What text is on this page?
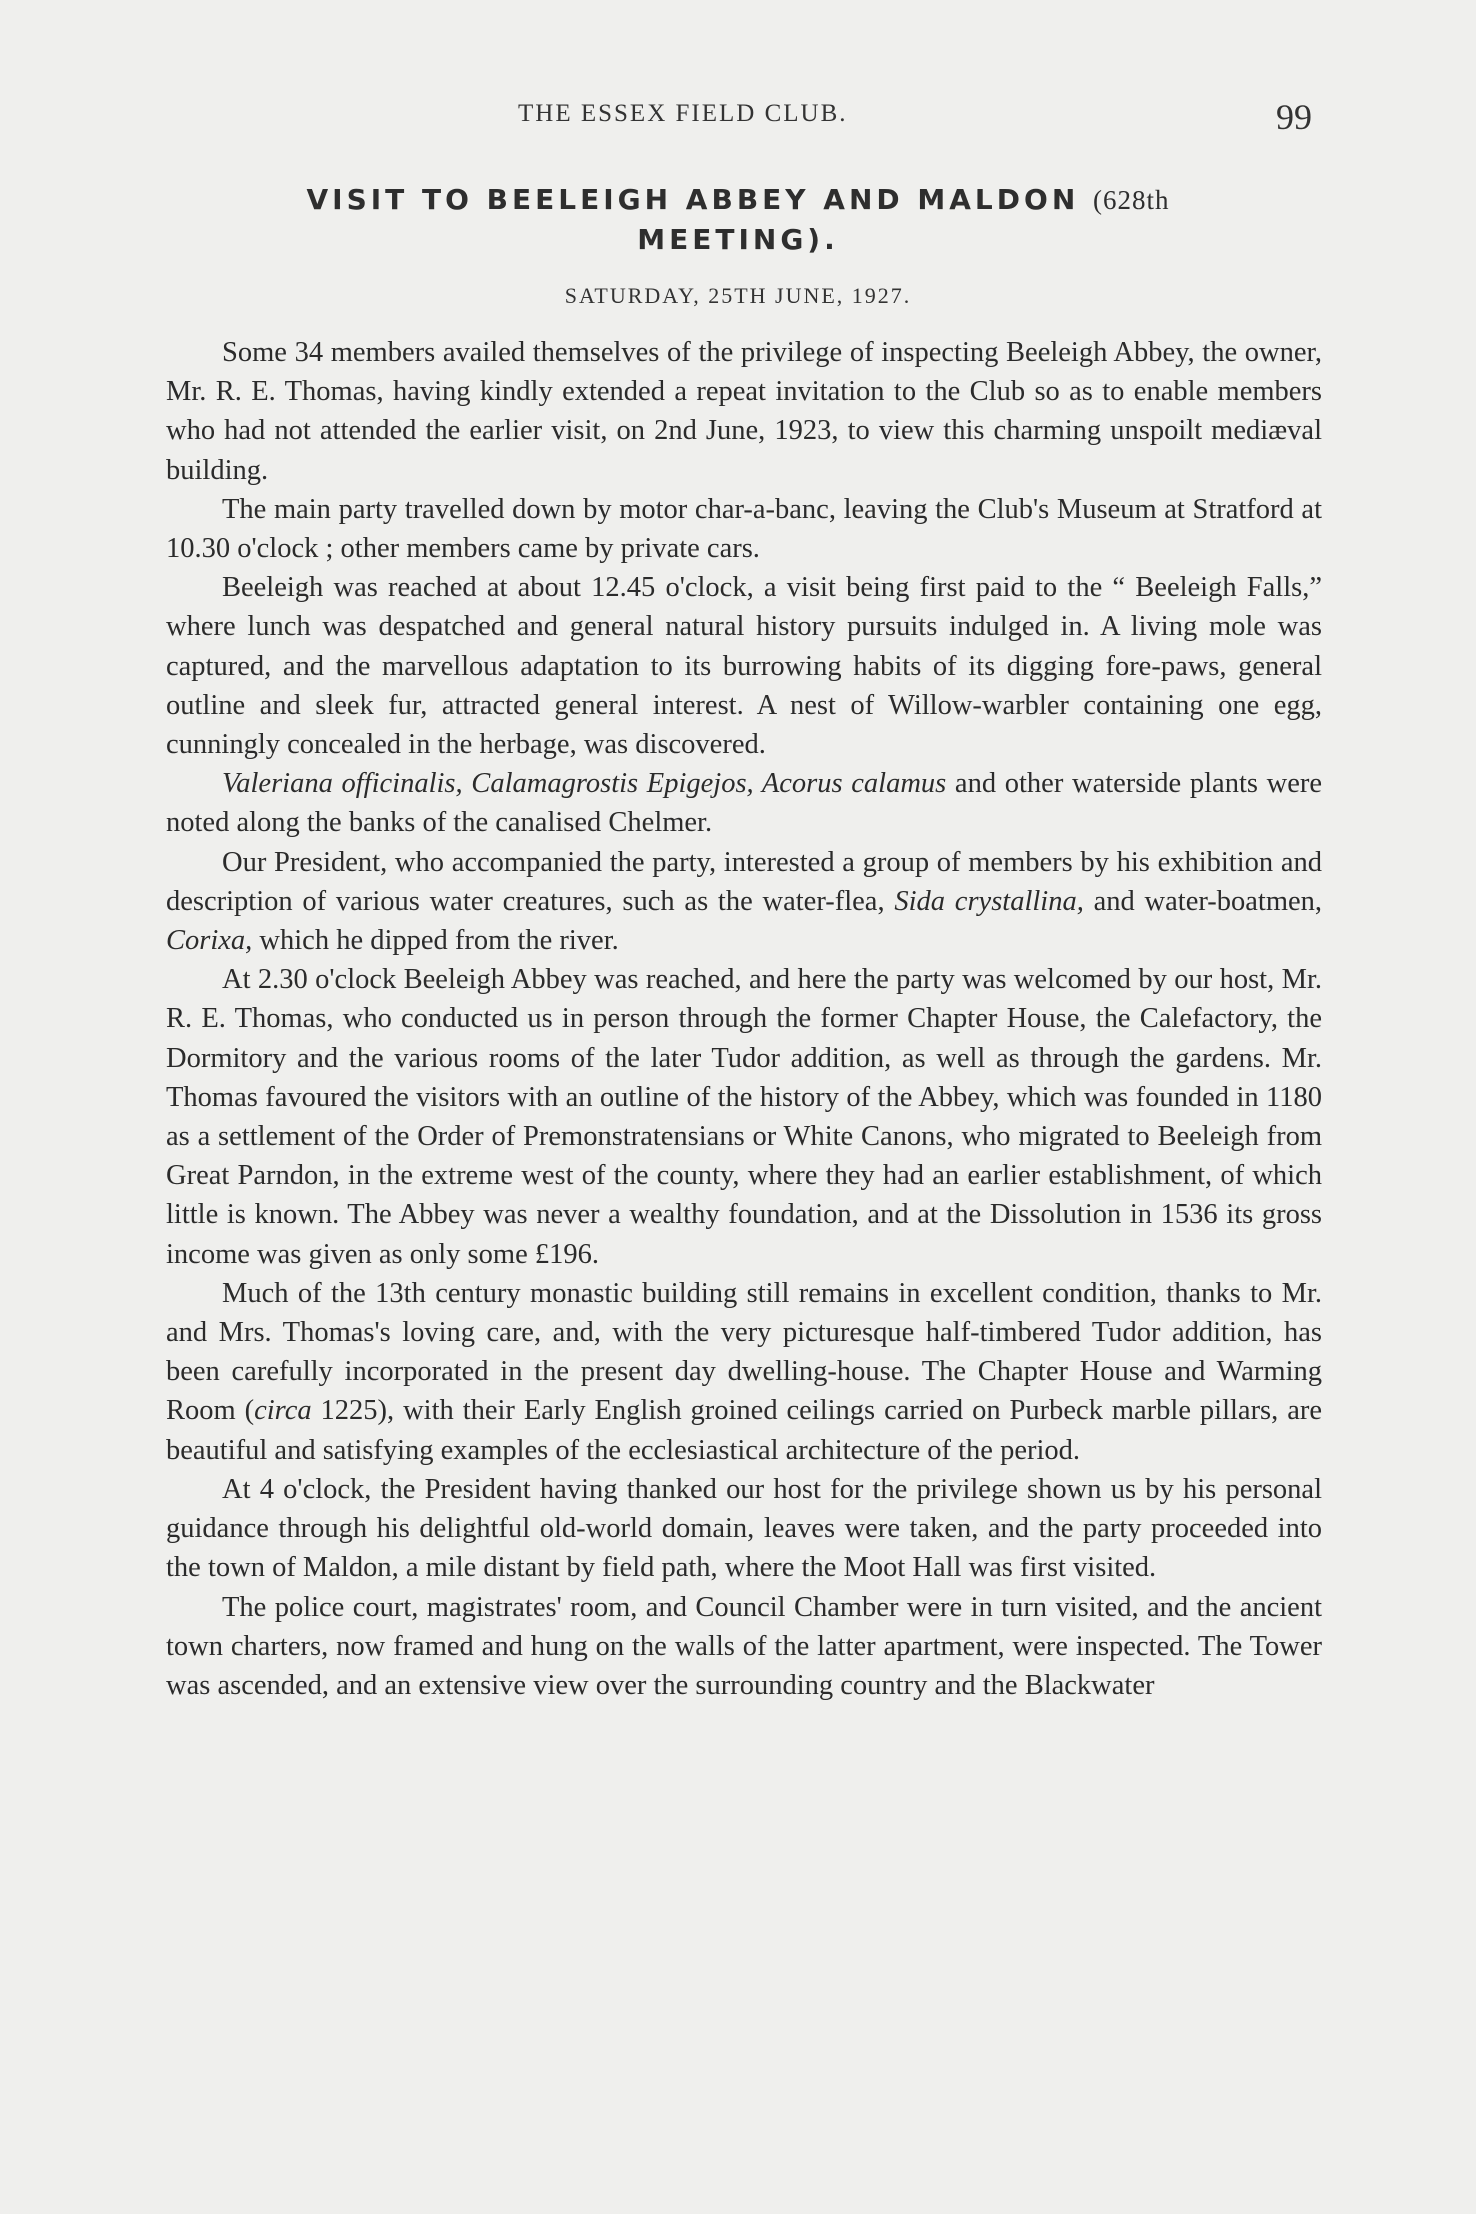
THE ESSEX FIELD CLUB.	99
VISIT TO BEELEIGH ABBEY AND MALDON (628th
MEETING).
SATURDAY, 25TH JUNE, 1927.

Some 34 members availed themselves of the privilege of inspecting Beeleigh Abbey, the owner, Mr. R. E. Thomas, having kindly extended a repeat invitation to the Club so as to enable members who had not attended the earlier visit, on 2nd June, 1923, to view this charming unspoilt mediæval building.

The main party travelled down by motor char-a-banc, leaving the Club's Museum at Stratford at 10.30 o'clock ; other members came by private cars.

Beeleigh was reached at about 12.45 o'clock, a visit being first paid to the “ Beeleigh Falls,” where lunch was despatched and general natural history pursuits indulged in. A living mole was captured, and the marvellous adaptation to its burrowing habits of its digging fore-paws, general outline and sleek fur, attracted general interest. A nest of Willow-warbler containing one egg, cunningly concealed in the herbage, was discovered.

Valeriana officinalis, Calamagrostis Epigejos, Acorus calamus and other waterside plants were noted along the banks of the canalised Chelmer.

Our President, who accompanied the party, interested a group of members by his exhibition and description of various water creatures, such as the water-flea, Sida crystallina, and water-boatmen, Corixa, which he dipped from the river.

At 2.30 o'clock Beeleigh Abbey was reached, and here the party was welcomed by our host, Mr. R. E. Thomas, who conducted us in person through the former Chapter House, the Calefactory, the Dormitory and the various rooms of the later Tudor addition, as well as through the gardens. Mr. Thomas favoured the visitors with an outline of the history of the Abbey, which was founded in 1180 as a settlement of the Order of Premonstratensians or White Canons, who migrated to Beeleigh from Great Parndon, in the extreme west of the county, where they had an earlier establishment, of which little is known. The Abbey was never a wealthy foundation, and at the Dissolution in 1536 its gross income was given as only some £196.

Much of the 13th century monastic building still remains in excellent condition, thanks to Mr. and Mrs. Thomas's loving care, and, with the very picturesque half-timbered Tudor addition, has been carefully incorporated in the present day dwelling-house. The Chapter House and Warming Room (circa 1225), with their Early English groined ceilings carried on Purbeck marble pillars, are beautiful and satisfying examples of the ecclesiastical architecture of the period.

At 4 o'clock, the President having thanked our host for the privilege shown us by his personal guidance through his delightful old-world domain, leaves were taken, and the party proceeded into the town of Maldon, a mile distant by field path, where the Moot Hall was first visited.

The police court, magistrates' room, and Council Chamber were in turn visited, and the ancient town charters, now framed and hung on the walls of the latter apartment, were inspected. The Tower was ascended, and an extensive view over the surrounding country and the Blackwater
